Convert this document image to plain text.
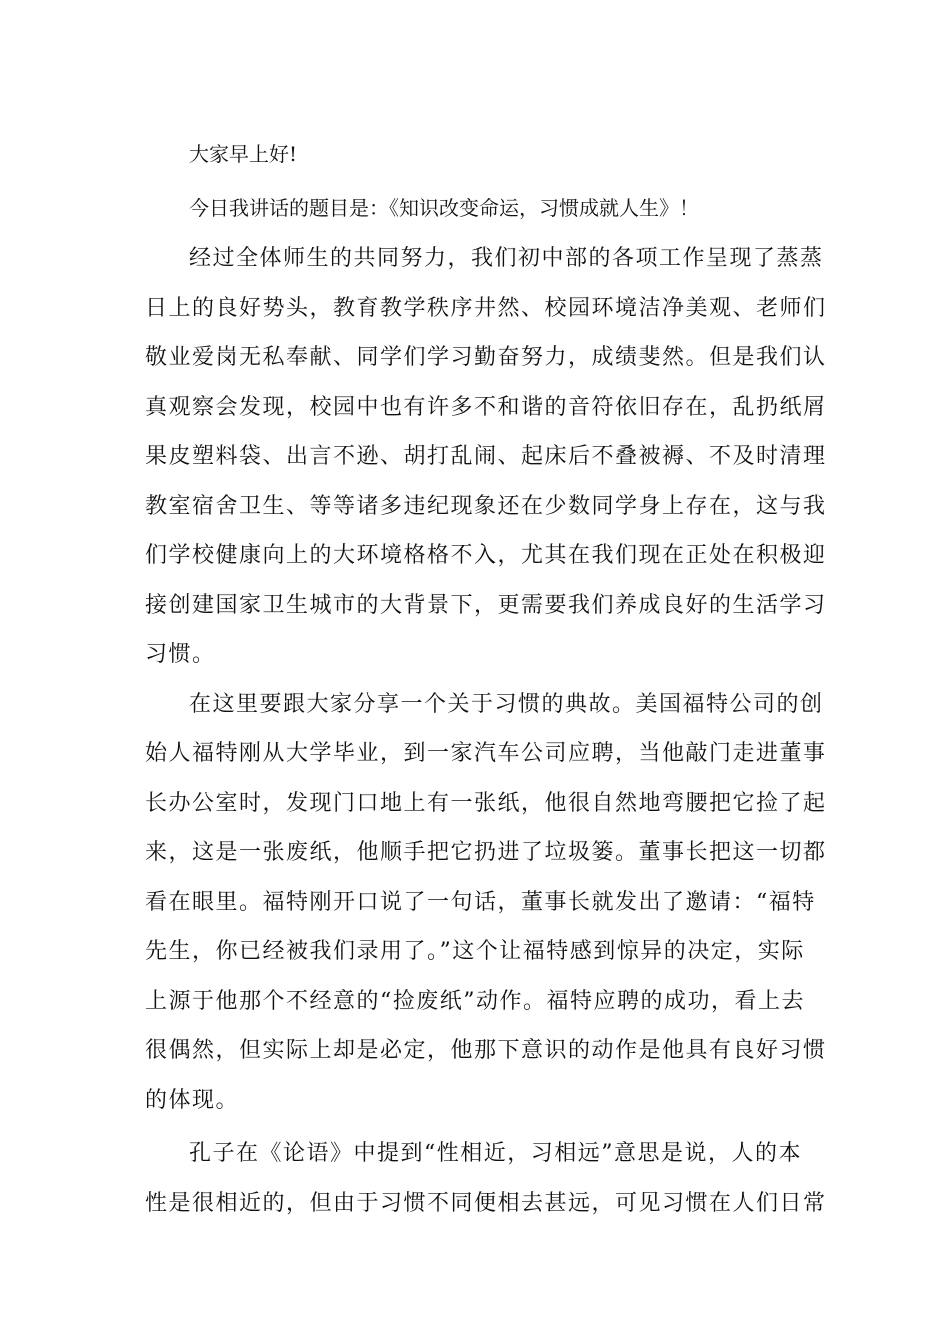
大家早上好!

今日我讲话的题目是：《知识改变命运，习惯成就人生》！

经过全体师生的共同努力，我们初中部的各项工作呈现了蒸蒸
日上的良好势头，教育教学秩序井然、校园环境洁净美观、老师们
敬业爱岗无私奉献、同学们学习勤奋努力，成绩斐然。但是我们认
真观察会发现，校园中也有许多不和谐的音符依旧存在，乱扔纸屑
果皮塑料袋、出言不逊、胡打乱闹、起床后不叠被褥、不及时清理
教室宿舍卫生、等等诸多违纪现象还在少数同学身上存在，这与我
们学校健康向上的大环境格格不入，尤其在我们现在正处在积极迎
接创建国家卫生城市的大背景下，更需要我们养成良好的生活学习
习惯。

在这里要跟大家分享一个关于习惯的典故。美国福特公司的创
始人福特刚从大学毕业，到一家汽车公司应聘，当他敲门走进董事
长办公室时，发现门口地上有一张纸，他很自然地弯腰把它捡了起
来，这是一张废纸，他顺手把它扔进了垃圾篓。董事长把这一切都
看在眼里。福特刚开口说了一句话，董事长就发出了邀请：“福特
先生，你已经被我们录用了。”这个让福特感到惊异的决定，实际
上源于他那个不经意的“捡废纸”动作。福特应聘的成功，看上去
很偶然，但实际上却是必定，他那下意识的动作是他具有良好习惯
的体现。

孔子在《论语》中提到“性相近，习相远”意思是说，人的本
性是很相近的，但由于习惯不同便相去甚远，可见习惯在人们日常
